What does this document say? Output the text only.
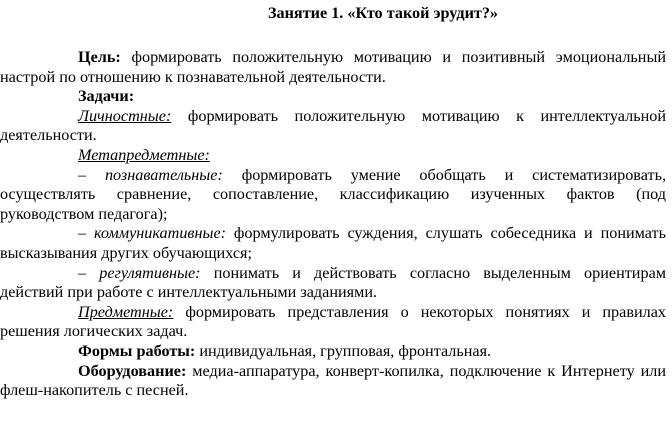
Занятие 1. «Кто такой эрудит?»
Цель: формировать положительную мотивацию и позитивный эмоциональный
настрой по отношению к познавательной деятельности.
Задачи:
Личностные: формировать положительную мотивацию к интеллектуальной
деятельности.
Метапредметные:
– познавательные: формировать умение обобщать и систематизировать,
осуществлять сравнение, сопоставление, классификацию изученных фактов (под
руководством педагога);
– коммуникативные: формулировать суждения, слушать собеседника и понимать
высказывания других обучающихся;
– регулятивные: понимать и действовать согласно выделенным ориентирам
действий при работе с интеллектуальными заданиями.
Предметные: формировать представления о некоторых понятиях и правилах
решения логических задач.
Формы работы: индивидуальная, групповая, фронтальная.
Оборудование: медиа-аппаратура, конверт-копилка, подключение к Интернету или
флеш-накопитель с песней.
